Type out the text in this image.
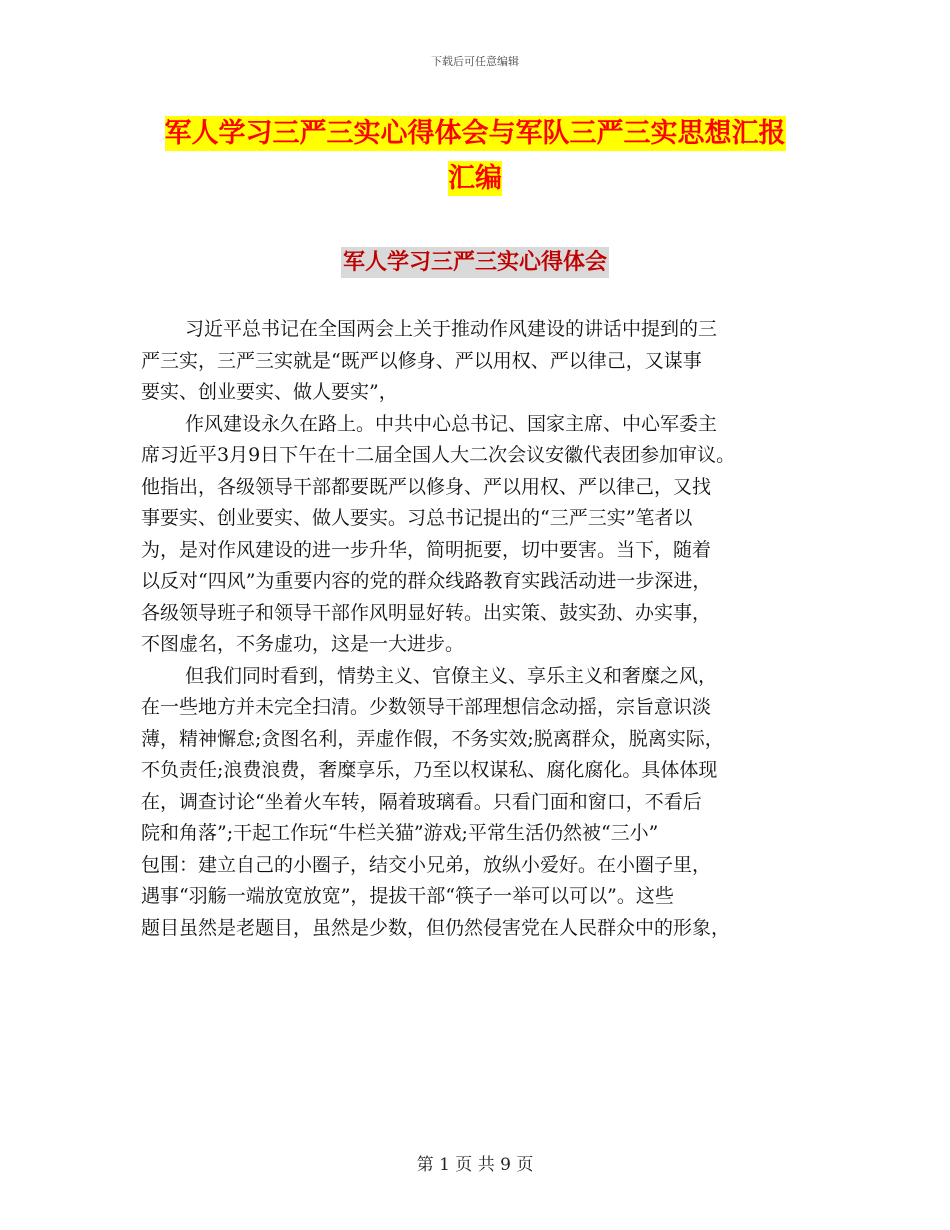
下载后可任意编辑
军人学习三严三实心得体会与军队三严三实思想汇报
汇编
军人学习三严三实心得体会
习近平总书记在全国两会上关于推动作风建设的讲话中提到的三
严三实，三严三实就是“既严以修身、严以用权、严以律己，又谋事
要实、创业要实、做人要实”，
作风建设永久在路上。中共中心总书记、国家主席、中心军委主
席习近平3月9日下午在十二届全国人大二次会议安徽代表团参加审议。
他指出，各级领导干部都要既严以修身、严以用权、严以律己，又找
事要实、创业要实、做人要实。习总书记提出的“三严三实”笔者以
为，是对作风建设的进一步升华，简明扼要，切中要害。当下，随着
以反对“四风”为重要内容的党的群众线路教育实践活动进一步深进，
各级领导班子和领导干部作风明显好转。出实策、鼓实劲、办实事，
不图虚名，不务虚功，这是一大进步。
但我们同时看到，情势主义、官僚主义、享乐主义和奢糜之风，
在一些地方并未完全扫清。少数领导干部理想信念动摇，宗旨意识淡
薄，精神懈怠;贪图名利，弄虚作假，不务实效;脱离群众，脱离实际，
不负责任;浪费浪费，奢糜享乐，乃至以权谋私、腐化腐化。具体体现
在，调查讨论“坐着火车转，隔着玻璃看。只看门面和窗口，不看后
院和角落”;干起工作玩“牛栏关猫”游戏;平常生活仍然被“三小”
包围：建立自己的小圈子，结交小兄弟，放纵小爱好。在小圈子里，
遇事“羽觞一端放宽放宽”，提拔干部“筷子一举可以可以”。这些
题目虽然是老题目，虽然是少数，但仍然侵害党在人民群众中的形象，
第 1 页 共 9 页
